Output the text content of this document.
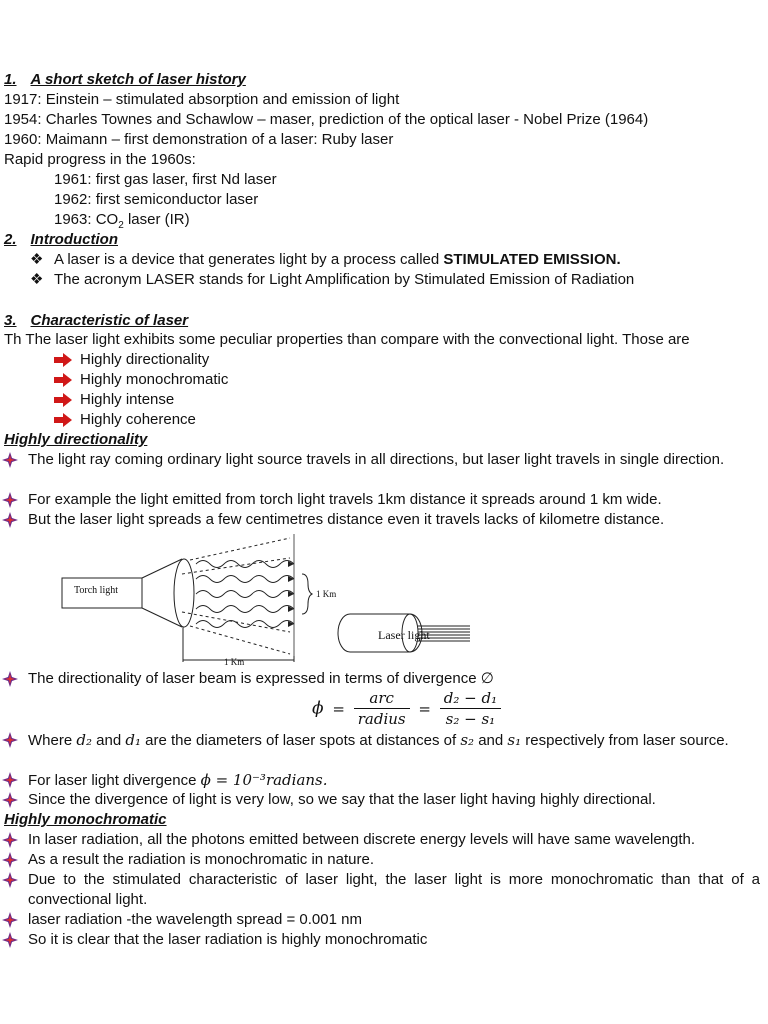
1. A short sketch of laser history
1917: Einstein – stimulated absorption and emission of light
1954: Charles Townes and Schawlow – maser, prediction of the optical laser - Nobel Prize (1964)
1960: Maimann – first demonstration of a laser: Ruby laser
Rapid progress in the 1960s:
1961: first gas laser, first Nd laser
1962: first semiconductor laser
1963: $CO_2$ laser (IR)
2. Introduction
❖ A laser is a device that generates light by a process called STIMULATED EMISSION.
❖ The acronym LASER stands for Light Amplification by Stimulated Emission of Radiation
3. Characteristic of laser
Th The laser light exhibits some peculiar properties than compare with the convectional light. Those are
Highly directionality
Highly monochromatic
Highly intense
Highly coherence
Highly directionality
The light ray coming ordinary light source travels in all directions, but laser light travels in single direction.
For example the light emitted from torch light travels 1km distance it spreads around 1 km wide.
But the laser light spreads a few centimetres distance even it travels lacks of kilometre distance.
Torch light	1 Km
1 Km
Laser light
The directionality of laser beam is expressed in terms of divergence ∅
$\phi = \frac{\text{arc}}{\text{radius}} = \frac{\text{d₂ − d₁}}{\text{s₂ − s₁}}$
Where d₂ and d₁ are the diameters of laser spots at distances of s₂ and s₁ respectively from laser source.
For laser light divergence ϕ = 10⁻³radians.
Since the divergence of light is very low, so we say that the laser light having highly directional.
Highly monochromatic
In laser radiation, all the photons emitted between discrete energy levels will have same wavelength.
As a result the radiation is monochromatic in nature.
Due to the stimulated characteristic of laser light, the laser light is more monochromatic than that of a convectional light.
laser radiation -the wavelength spread = 0.001 nm
So it is clear that the laser radiation is highly monochromatic
